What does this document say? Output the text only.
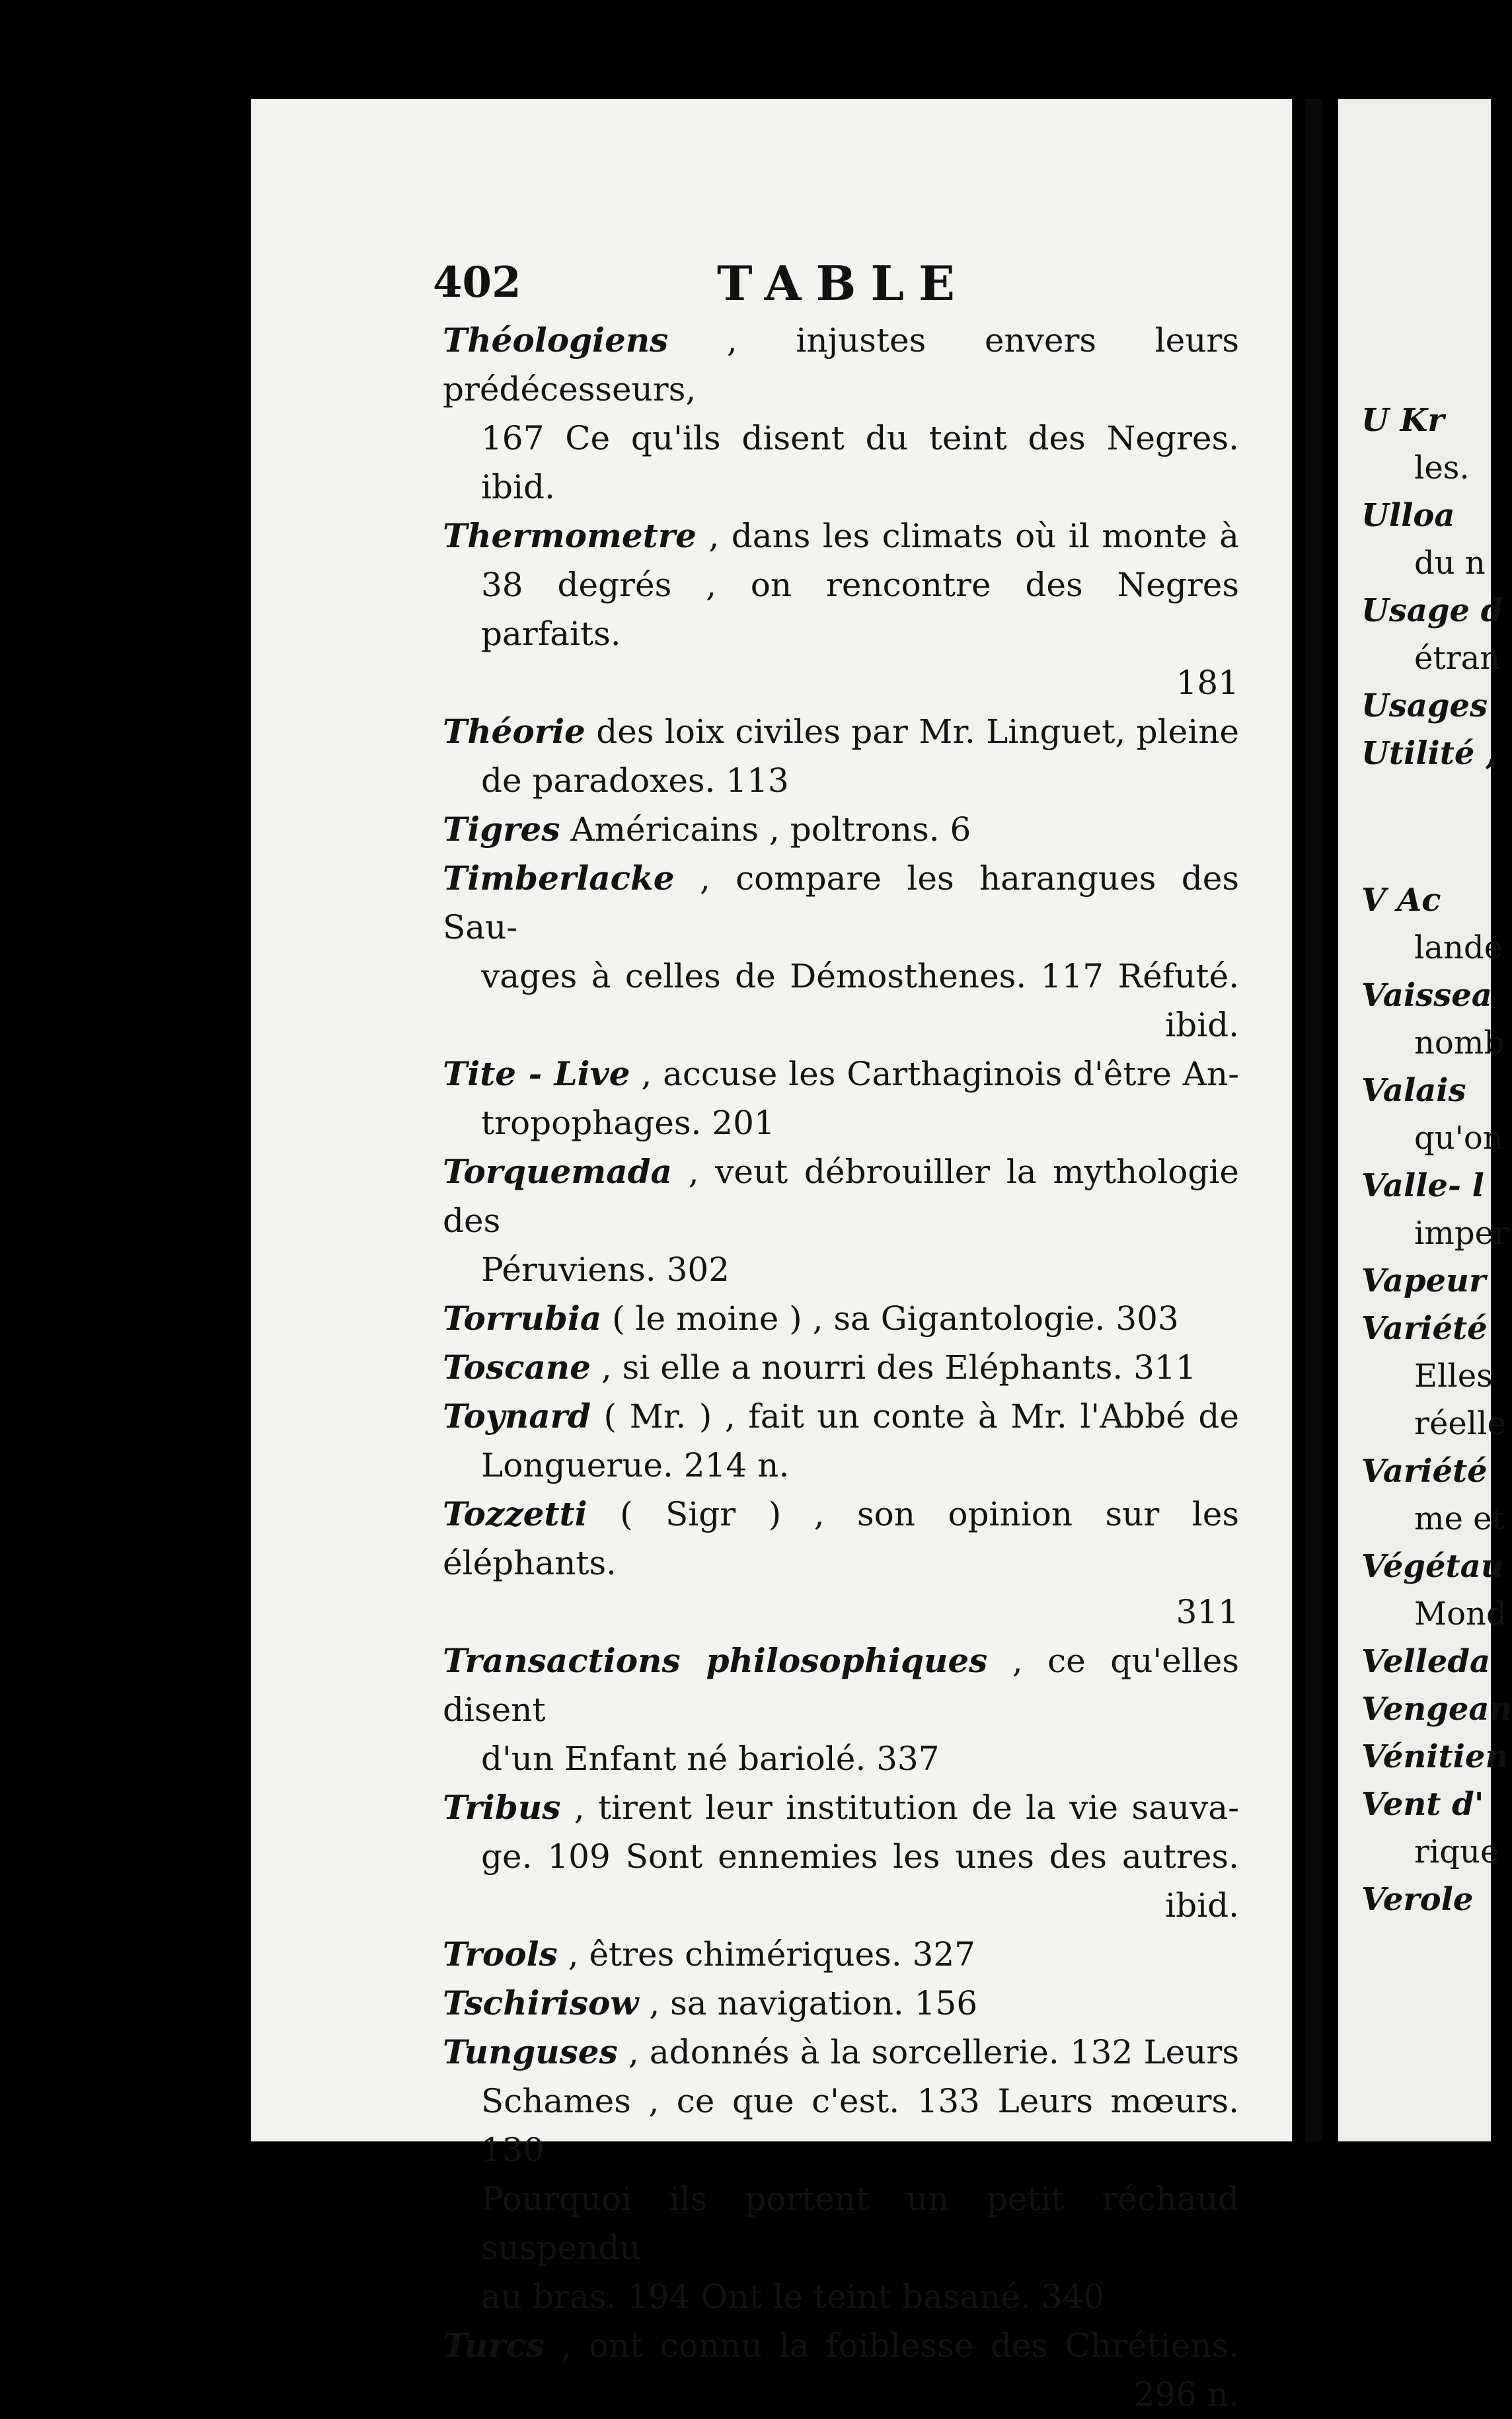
402	TABLE
Théologiens , injustes envers leurs prédécesseurs,
167 Ce qu'ils disent du teint des Negres. ibid.
Thermometre , dans les climats où il monte à
38 degrés , on rencontre des Negres parfaits.
181
Théorie des loix civiles par Mr. Linguet, pleine
de paradoxes. 113
Tigres Américains , poltrons. 6
Timberlacke , compare les harangues des Sau-
vages à celles de Démosthenes. 117 Réfuté.
ibid.
Tite - Live , accuse les Carthaginois d'être An-
tropophages. 201
Torquemada , veut débrouiller la mythologie des
Péruviens. 302
Torrubia ( le moine ) , sa Gigantologie. 303
Toscane , si elle a nourri des Eléphants. 311
Toynard ( Mr. ) , fait un conte à Mr. l'Abbé de
Longuerue. 214 n.
Tozzetti ( Sigr ) , son opinion sur les éléphants.
311
Transactions philosophiques , ce qu'elles disent
d'un Enfant né bariolé. 337
Tribus , tirent leur institution de la vie sauva-
ge. 109 Sont ennemies les unes des autres.
ibid.
Trools , êtres chimériques. 327
Tschirisow , sa navigation. 156
Tunguses , adonnés à la sorcellerie. 132 Leurs
Schames , ce que c'est. 133 Leurs mœurs. 130
Pourquoi ils portent un petit réchaud suspendu
au bras. 194 Ont le teint basané. 340
Turcs , ont connu la foiblesse des Chrétiens.
296 n.
U Kr
les.
Ulloa
du n
Usage d
étran
Usages
Utilité ,
V Ac
lande
Vaissea
nomb
Valais
qu'on
Valle- l
imper
Vapeur
Variété
Elles
réelle
Variété
me et
Végétau
Mond
Velleda
Vengean
Vénitien
Vent d'
rique
Verole
